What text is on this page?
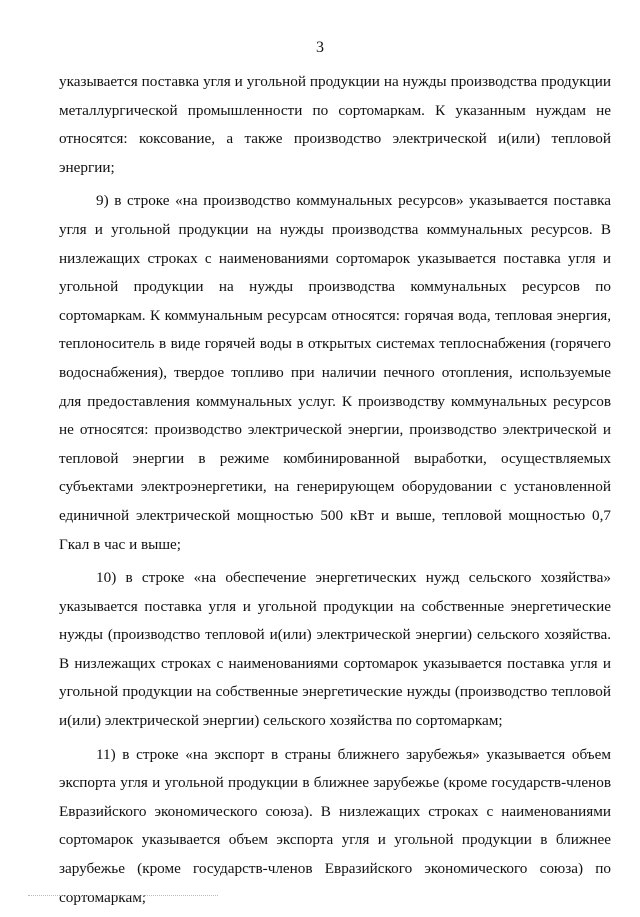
3

указывается поставка угля и угольной продукции на нужды производства продукции металлургической промышленности по сортомаркам. К указанным нуждам не относятся: коксование, а также производство электрической и(или) тепловой энергии;

9) в строке «на производство коммунальных ресурсов» указывается поставка угля и угольной продукции на нужды производства коммунальных ресурсов. В низлежащих строках с наименованиями сортомарок указывается поставка угля и угольной продукции на нужды производства коммунальных ресурсов по сортомаркам. К коммунальным ресурсам относятся: горячая вода, тепловая энергия, теплоноситель в виде горячей воды в открытых системах теплоснабжения (горячего водоснабжения), твердое топливо при наличии печного отопления, используемые для предоставления коммунальных услуг. К производству коммунальных ресурсов не относятся: производство электрической энергии, производство электрической и тепловой энергии в режиме комбинированной выработки, осуществляемых субъектами электроэнергетики, на генерирующем оборудовании с установленной единичной электрической мощностью 500 кВт и выше, тепловой мощностью 0,7 Гкал в час и выше;

10) в строке «на обеспечение энергетических нужд сельского хозяйства» указывается поставка угля и угольной продукции на собственные энергетические нужды (производство тепловой и(или) электрической энергии) сельского хозяйства. В низлежащих строках с наименованиями сортомарок указывается поставка угля и угольной продукции на собственные энергетические нужды (производство тепловой и(или) электрической энергии) сельского хозяйства по сортомаркам;

11) в строке «на экспорт в страны ближнего зарубежья» указывается объем экспорта угля и угольной продукции в ближнее зарубежье (кроме государств-членов Евразийского экономического союза). В низлежащих строках с наименованиями сортомарок указывается объем экспорта угля и угольной продукции в ближнее зарубежье (кроме государств-членов Евразийского экономического союза) по сортомаркам;
